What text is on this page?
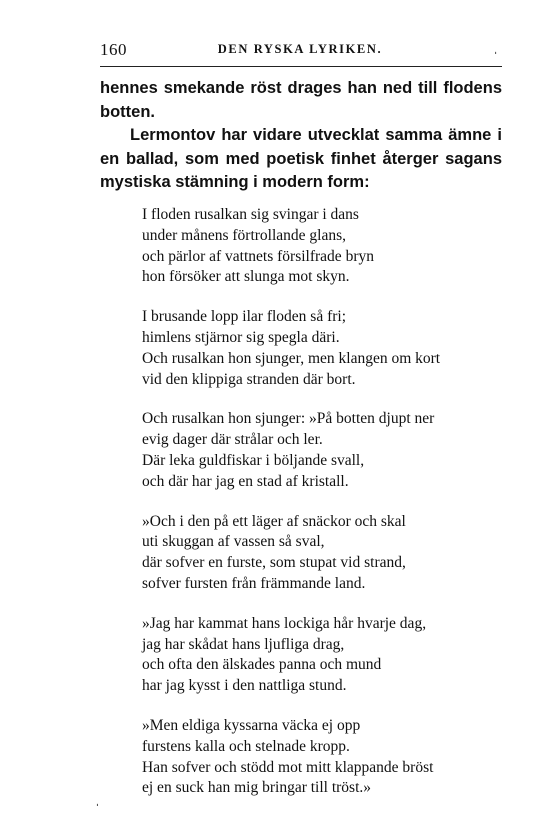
160	DEN RYSKA LYRIKEN.	ˌ

hennes smekande röst drages han ned till flodens botten.

Lermontov har vidare utvecklat samma ämne i en ballad, som med poetisk finhet återger sagans mystiska stämning i modern form:

I floden rusalkan sig svingar i dans
under månens förtrollande glans,
och pärlor af vattnets försilfrade bryn
hon försöker att slunga mot skyn.
I brusande lopp ilar floden så fri;
himlens stjärnor sig spegla däri.
Och rusalkan hon sjunger, men klangen om kort
vid den klippiga stranden där bort.
Och rusalkan hon sjunger: »På botten djupt ner
evig dager där strålar och ler.
Där leka guldfiskar i böljande svall,
och där har jag en stad af kristall.
»Och i den på ett läger af snäckor och skal
uti skuggan af vassen så sval,
där sofver en furste, som stupat vid strand,
sofver fursten från främmande land.
»Jag har kammat hans lockiga hår hvarje dag,
jag har skådat hans ljufliga drag,
och ofta den älskades panna och mund
har jag kysst i den nattliga stund.
»Men eldiga kyssarna väcka ej opp
furstens kalla och stelnade kropp.
Han sofver och stödd mot mitt klappande bröst
ej en suck han mig bringar till tröst.»
ˌ
